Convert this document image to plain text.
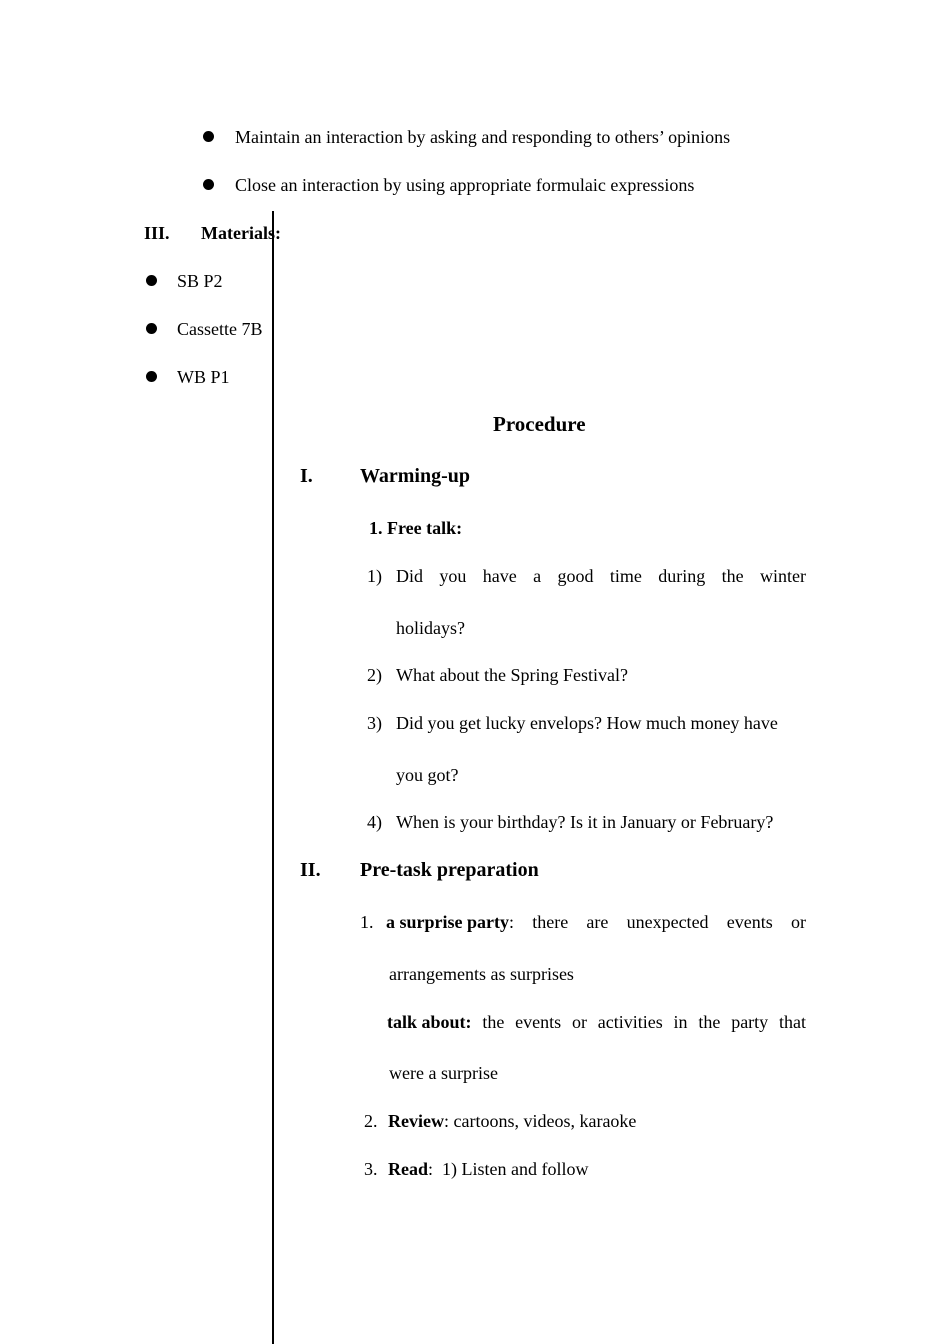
Maintain an interaction by asking and responding to others’ opinions
Close an interaction by using appropriate formulaic expressions
III. Materials:
SB P2
Cassette 7B
WB P1
Procedure
I. Warming-up
1. Free talk:
1) Did you have a good time during the winter
holidays?
2) What about the Spring Festival?
3) Did you get lucky envelops? How much money have
you got?
4) When is your birthday? Is it in January or February?
II. Pre-task preparation
1. a surprise party: there are unexpected events or
arrangements as surprises
talk about: the events or activities in the party that
were a surprise
2. Review: cartoons, videos, karaoke
3. Read:  1) Listen and follow
